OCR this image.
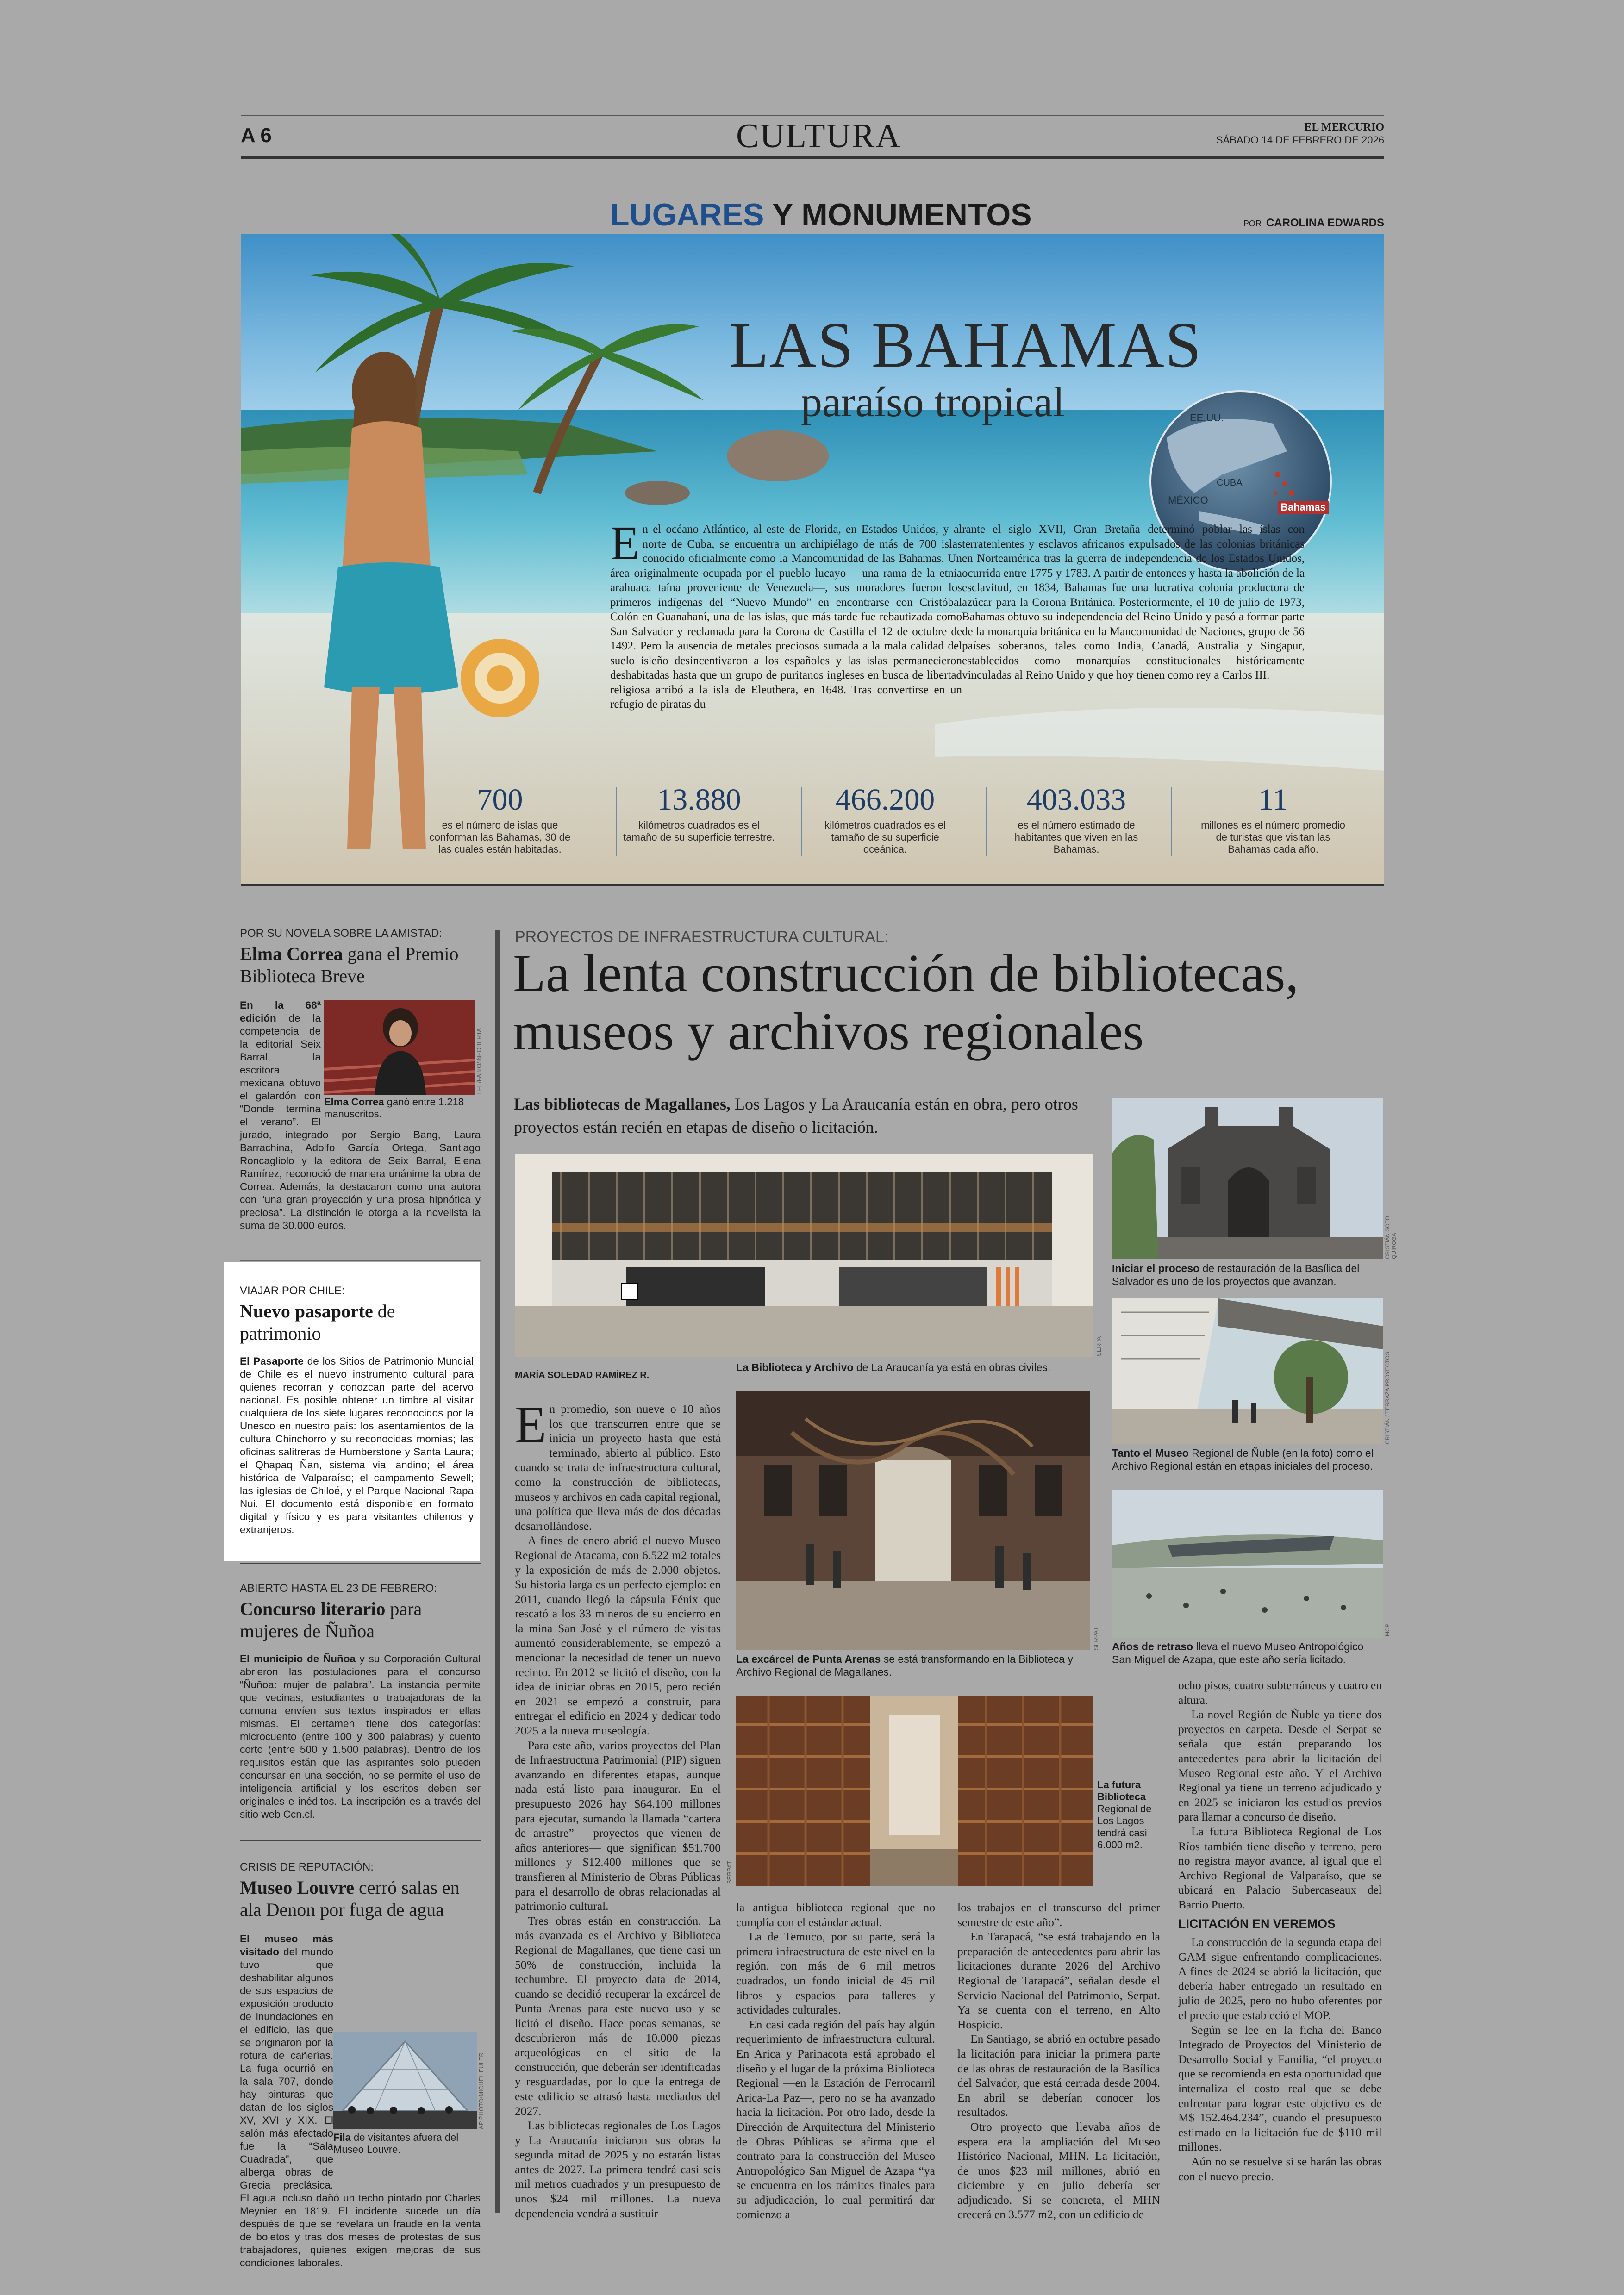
A 6	CULTURA	EL MERCURIO
SÁBADO 14 DE FEBRERO DE 2026
LUGARES Y MONUMENTOS	POR CAROLINA EDWARDS
EE.UU.
MÉXICO
CUBA
Bahamas
LAS BAHAMAS
paraíso tropical
En el océano Atlántico, al este de Florida, en Estados Unidos, y al norte de Cuba, se encuentra un archipiélago de más de 700 islas conocido oficialmente como la Mancomunidad de las Bahamas. Un área originalmente ocupada por el pueblo lucayo —una rama de la etnia arahuaca taína proveniente de Venezuela—, sus moradores fueron los primeros indígenas del “Nuevo Mundo” en encontrarse con Cristóbal Colón en Guanahaní, una de las islas, que más tarde fue rebautizada como San Salvador y reclamada para la Corona de Castilla el 12 de octubre de 1492. Pero la ausencia de metales preciosos sumada a la mala calidad del suelo isleño desincentivaron a los españoles y las islas permanecieron deshabitadas hasta que un grupo de puritanos ingleses en busca de libertad religiosa arribó a la isla de Eleuthera, en 1648. Tras convertirse en un refugio de piratas du-
rante el siglo XVII, Gran Bretaña determinó poblar las islas con terratenientes y esclavos africanos expulsados de las colonias británicas en Norteamérica tras la guerra de independencia de los Estados Unidos, ocurrida entre 1775 y 1783. A partir de entonces y hasta la abolición de la esclavitud, en 1834, Bahamas fue una lucrativa colonia productora de azúcar para la Corona Británica. Posteriormente, el 10 de julio de 1973, Bahamas obtuvo su independencia del Reino Unido y pasó a formar parte de la monarquía británica en la Mancomunidad de Naciones, grupo de 56 países soberanos, tales como India, Canadá, Australia y Singapur, establecidos como monarquías constitucionales históricamente vinculadas al Reino Unido y que hoy tienen como rey a Carlos III.
700
es el número de islas que conforman las Bahamas, 30 de las cuales están habitadas.
13.880
kilómetros cuadrados es el tamaño de su superficie terrestre.
466.200
kilómetros cuadrados es el tamaño de su superficie oceánica.
403.033
es el número estimado de habitantes que viven en las Bahamas.
11
millones es el número promedio de turistas que visitan las Bahamas cada año.
POR SU NOVELA SOBRE LA AMISTAD:
Elma Correa gana el Premio Biblioteca Breve
EFE/FABIO/INFOBERTA
Elma Correa ganó entre 1.218 manuscritos.
En la 68ª edición de la competencia de la editorial Seix Barral, la escritora mexicana obtuvo el galardón con “Donde termina el verano”. El jurado, integrado por Sergio Bang, Laura Barrachina, Adolfo García Ortega, Santiago Roncagliolo y la editora de Seix Barral, Elena Ramírez, reconoció de manera unánime la obra de Correa. Además, la destacaron como una autora con “una gran proyección y una prosa hipnótica y preciosa”. La distinción le otorga a la novelista la suma de 30.000 euros.
VIAJAR POR CHILE:
Nuevo pasaporte de patrimonio
El Pasaporte de los Sitios de Patrimonio Mundial de Chile es el nuevo instrumento cultural para quienes recorran y conozcan parte del acervo nacional. Es posible obtener un timbre al visitar cualquiera de los siete lugares reconocidos por la Unesco en nuestro país: los asentamientos de la cultura Chinchorro y su reconocidas momias; las oficinas salitreras de Humberstone y Santa Laura; el Qhapaq Ñan, sistema vial andino; el área histórica de Valparaíso; el campamento Sewell; las iglesias de Chiloé, y el Parque Nacional Rapa Nui. El documento está disponible en formato digital y físico y es para visitantes chilenos y extranjeros.
ABIERTO HASTA EL 23 DE FEBRERO:
Concurso literario para mujeres de Ñuñoa
El municipio de Ñuñoa y su Corporación Cultural abrieron las postulaciones para el concurso “Ñuñoa: mujer de palabra”. La instancia permite que vecinas, estudiantes o trabajadoras de la comuna envíen sus textos inspirados en ellas mismas. El certamen tiene dos categorías: microcuento (entre 100 y 300 palabras) y cuento corto (entre 500 y 1.500 palabras). Dentro de los requisitos están que las aspirantes solo pueden concursar en una sección, no se permite el uso de inteligencia artificial y los escritos deben ser originales e inéditos. La inscripción es a través del sitio web Ccn.cl.
CRISIS DE REPUTACIÓN:
Museo Louvre cerró salas en ala Denon por fuga de agua
AP PHOTO/MICHEL EULER
Fila de visitantes afuera del Museo Louvre.
El museo más visitado del mundo tuvo que deshabilitar algunos de sus espacios de exposición producto de inundaciones en el edificio, las que se originaron por la rotura de cañerías. La fuga ocurrió en la sala 707, donde hay pinturas que datan de los siglos XV, XVI y XIX. El salón más afectado fue la “Sala Cuadrada”, que alberga obras de Grecia preclásica. El agua incluso dañó un techo pintado por Charles Meynier en 1819. El incidente sucede un día después de que se revelara un fraude en la venta de boletos y tras dos meses de protestas de sus trabajadores, quienes exigen mejoras de sus condiciones laborales.
PROYECTOS DE INFRAESTRUCTURA CULTURAL:
La lenta construcción de bibliotecas, museos y archivos regionales
Las bibliotecas de Magallanes, Los Lagos y La Araucanía están en obra, pero otros proyectos están recién en etapas de diseño o licitación.
SERPAT
La Biblioteca y Archivo de La Araucanía ya está en obras civiles.
MARÍA SOLEDAD RAMÍREZ R.

En promedio, son nueve o 10 años los que transcurren entre que se inicia un proyecto hasta que está terminado, abierto al público. Esto cuando se trata de infraestructura cultural, como la construcción de bibliotecas, museos y archivos en cada capital regional, una política que lleva más de dos décadas desarrollándose.

A fines de enero abrió el nuevo Museo Regional de Atacama, con 6.522 m2 totales y la exposición de más de 2.000 objetos. Su historia larga es un perfecto ejemplo: en 2011, cuando llegó la cápsula Fénix que rescató a los 33 mineros de su encierro en la mina San José y el número de visitas aumentó considerablemente, se empezó a mencionar la necesidad de tener un nuevo recinto. En 2012 se licitó el diseño, con la idea de iniciar obras en 2015, pero recién en 2021 se empezó a construir, para entregar el edificio en 2024 y dedicar todo 2025 a la nueva museología.

Para este año, varios proyectos del Plan de Infraestructura Patrimonial (PIP) siguen avanzando en diferentes etapas, aunque nada está listo para inaugurar. En el presupuesto 2026 hay $64.100 millones para ejecutar, sumando la llamada “cartera de arrastre” —proyectos que vienen de años anteriores— que significan $51.700 millones y $12.400 millones que se transfieren al Ministerio de Obras Públicas para el desarrollo de obras relacionadas al patrimonio cultural.

Tres obras están en construcción. La más avanzada es el Archivo y Biblioteca Regional de Magallanes, que tiene casi un 50% de construcción, incluida la techumbre. El proyecto data de 2014, cuando se decidió recuperar la excárcel de Punta Arenas para este nuevo uso y se licitó el diseño. Hace pocas semanas, se descubrieron más de 10.000 piezas arqueológicas en el sitio de la construcción, que deberán ser identificadas y resguardadas, por lo que la entrega de este edificio se atrasó hasta mediados del 2027.

Las bibliotecas regionales de Los Lagos y La Araucanía iniciaron sus obras la segunda mitad de 2025 y no estarán listas antes de 2027. La primera tendrá casi seis mil metros cuadrados y un presupuesto de unos $24 mil millones. La nueva dependencia vendrá a sustituir

SERPAT
La excárcel de Punta Arenas se está transformando en la Biblioteca y Archivo Regional de Magallanes.
SERPAT
La futura Biblioteca Regional de Los Lagos tendrá casi 6.000 m2.

la antigua biblioteca regional que no cumplía con el estándar actual.

La de Temuco, por su parte, será la primera infraestructura de este nivel en la región, con más de 6 mil metros cuadrados, un fondo inicial de 45 mil libros y espacios para talleres y actividades culturales.

En casi cada región del país hay algún requerimiento de infraestructura cultural. En Arica y Parinacota está aprobado el diseño y el lugar de la próxima Biblioteca Regional —en la Estación de Ferrocarril Arica-La Paz—, pero no se ha avanzado hacia la licitación. Por otro lado, desde la Dirección de Arquitectura del Ministerio de Obras Públicas se afirma que el contrato para la construcción del Museo Antropológico San Miguel de Azapa “ya se encuentra en los trámites finales para su adjudicación, lo cual permitirá dar comienzo a

los trabajos en el transcurso del primer semestre de este año”.

En Tarapacá, “se está trabajando en la preparación de antecedentes para abrir las licitaciones durante 2026 del Archivo Regional de Tarapacá”, señalan desde el Servicio Nacional del Patrimonio, Serpat. Ya se cuenta con el terreno, en Alto Hospicio.

En Santiago, se abrió en octubre pasado la licitación para iniciar la primera parte de las obras de restauración de la Basílica del Salvador, que está cerrada desde 2004. En abril se deberían conocer los resultados.

Otro proyecto que llevaba años de espera era la ampliación del Museo Histórico Nacional, MHN. La licitación, de unos $23 mil millones, abrió en diciembre y en julio debería ser adjudicado. Si se concreta, el MHN crecerá en 3.577 m2, con un edificio de

CRISTIÁN SOTO QUIROGA
Iniciar el proceso de restauración de la Basílica del Salvador es uno de los proyectos que avanzan.
CRISTIÁN / TERRAZA PROYECTOS
Tanto el Museo Regional de Ñuble (en la foto) como el Archivo Regional están en etapas iniciales del proceso.
MOP
Años de retraso lleva el nuevo Museo Antropológico San Miguel de Azapa, que este año sería licitado.

ocho pisos, cuatro subterráneos y cuatro en altura.

La novel Región de Ñuble ya tiene dos proyectos en carpeta. Desde el Serpat se señala que están preparando los antecedentes para abrir la licitación del Museo Regional este año. Y el Archivo Regional ya tiene un terreno adjudicado y en 2025 se iniciaron los estudios previos para llamar a concurso de diseño.

La futura Biblioteca Regional de Los Ríos también tiene diseño y terreno, pero no registra mayor avance, al igual que el Archivo Regional de Valparaíso, que se ubicará en Palacio Subercaseaux del Barrio Puerto.

LICITACIÓN EN VEREMOS

La construcción de la segunda etapa del GAM sigue enfrentando complicaciones. A fines de 2024 se abrió la licitación, que debería haber entregado un resultado en julio de 2025, pero no hubo oferentes por el precio que estableció el MOP.

Según se lee en la ficha del Banco Integrado de Proyectos del Ministerio de Desarrollo Social y Familia, “el proyecto que se recomienda en esta oportunidad que internaliza el costo real que se debe enfrentar para lograr este objetivo es de M$ 152.464.234”, cuando el presupuesto estimado en la licitación fue de $110 mil millones.

Aún no se resuelve si se harán las obras con el nuevo precio.
